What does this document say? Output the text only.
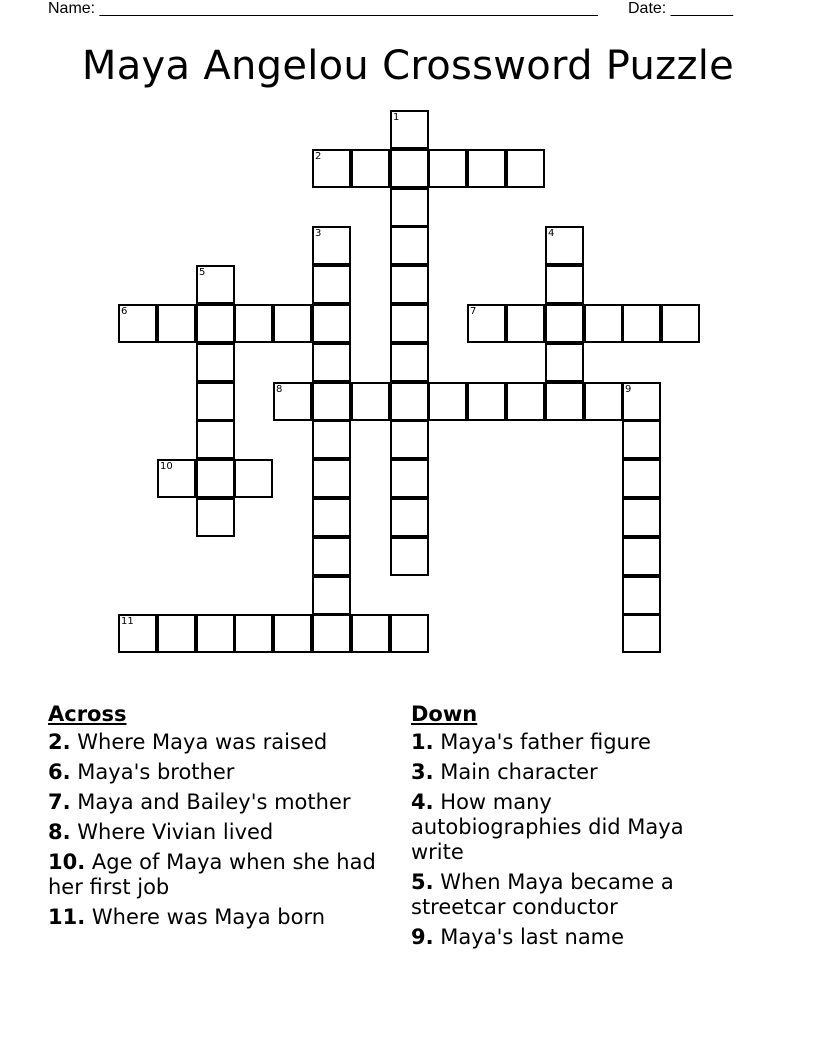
Name: ________________________________________________________ Date: _______
Maya Angelou Crossword Puzzle
1
2
3	4
5
6	7
8	9
10
11
Across
2. Where Maya was raised
6. Maya's brother
7. Maya and Bailey's mother
8. Where Vivian lived
10. Age of Maya when she had her first job
11. Where was Maya born
Down
1. Maya's father figure
3. Main character
4. How many autobiographies did Maya write
5. When Maya became a streetcar conductor
9. Maya's last name
